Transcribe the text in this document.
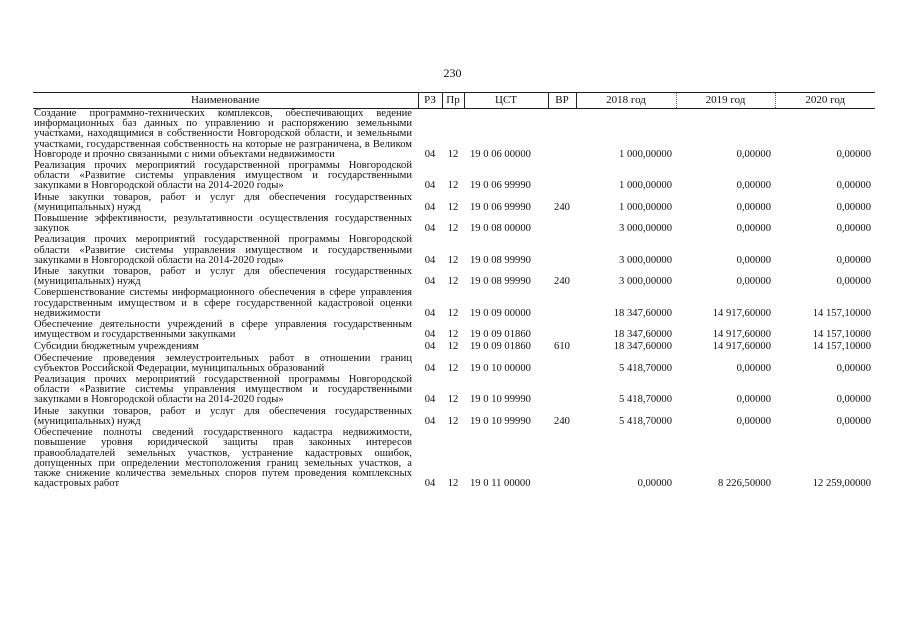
230
Наименование	РЗ	Пр	ЦСТ	ВР	2018 год	2019 год	2020 год
Создание программно-технических комплексов, обеспечивающих ведение информационных баз данных по управлению и распоряжению земельными участками, находящимися в собственности Новгородской области, и земельными участками, государственная собственность на которые не разграничена, в Великом Новгороде и прочно связанными с ними объектами недвижимости	04	12	19 0 06 00000		1 000,00000	0,00000	0,00000
Реализация прочих мероприятий государственной программы Новгородской области «Развитие системы управления имуществом и государственными закупками в Новгородской области на 2014-2020 годы»	04	12	19 0 06 99990		1 000,00000	0,00000	0,00000
Иные закупки товаров, работ и услуг для обеспечения государственных (муниципальных) нужд	04	12	19 0 06 99990	240	1 000,00000	0,00000	0,00000
Повышение эффективности, результативности осуществления государственных закупок	04	12	19 0 08 00000		3 000,00000	0,00000	0,00000
Реализация прочих мероприятий государственной программы Новгородской области «Развитие системы управления имуществом и государственными закупками в Новгородской области на 2014-2020 годы»	04	12	19 0 08 99990		3 000,00000	0,00000	0,00000
Иные закупки товаров, работ и услуг для обеспечения государственных (муниципальных) нужд	04	12	19 0 08 99990	240	3 000,00000	0,00000	0,00000
Совершенствование системы информационного обеспечения в сфере управления государственным имуществом и в сфере государственной кадастровой оценки недвижимости	04	12	19 0 09 00000		18 347,60000	14 917,60000	14 157,10000
Обеспечение деятельности учреждений в сфере управления государственным имуществом и государственными закупками	04	12	19 0 09 01860		18 347,60000	14 917,60000	14 157,10000
Субсидии бюджетным учреждениям	04	12	19 0 09 01860	610	18 347,60000	14 917,60000	14 157,10000
Обеспечение проведения землеустроительных работ в отношении границ субъектов Российской Федерации, муниципальных образований	04	12	19 0 10 00000		5 418,70000	0,00000	0,00000
Реализация прочих мероприятий государственной программы Новгородской области «Развитие системы управления имуществом и государственными закупками в Новгородской области на 2014-2020 годы»	04	12	19 0 10 99990		5 418,70000	0,00000	0,00000
Иные закупки товаров, работ и услуг для обеспечения государственных (муниципальных) нужд	04	12	19 0 10 99990	240	5 418,70000	0,00000	0,00000
Обеспечение полноты сведений государственного кадастра недвижимости, повышение уровня юридической защиты прав законных интересов правообладателей земельных участков, устранение кадастровых ошибок, допущенных при определении местоположения границ земельных участков, а также снижение количества земельных споров путем проведения комплексных кадастровых работ	04	12	19 0 11 00000		0,00000	8 226,50000	12 259,00000
